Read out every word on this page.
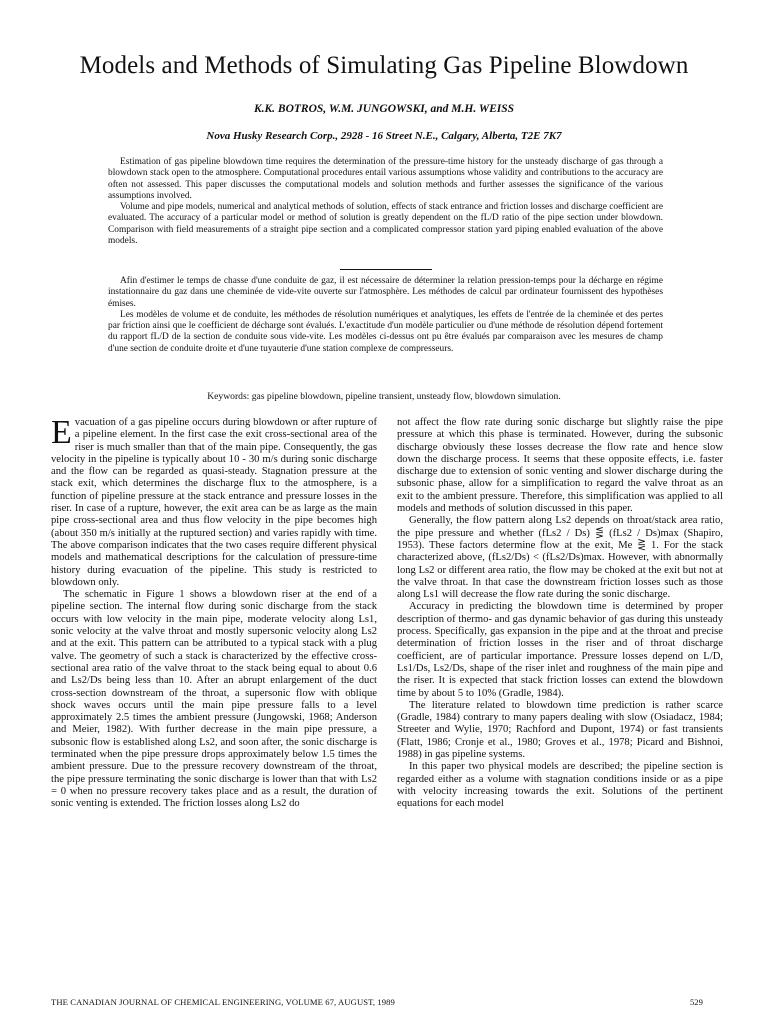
Models and Methods of Simulating Gas Pipeline Blowdown
K.K. BOTROS, W.M. JUNGOWSKI, and M.H. WEISS
Nova Husky Research Corp., 2928 - 16 Street N.E., Calgary, Alberta, T2E 7K7

Estimation of gas pipeline blowdown time requires the determination of the pressure-time history for the unsteady discharge of gas through a blowdown stack open to the atmosphere. Computational procedures entail various assumptions whose validity and contributions to the accuracy are often not assessed. This paper discusses the computational models and solution methods and further assesses the significance of the various assumptions involved.

Volume and pipe models, numerical and analytical methods of solution, effects of stack entrance and friction losses and discharge coefficient are evaluated. The accuracy of a particular model or method of solution is greatly dependent on the fL/D ratio of the pipe section under blowdown. Comparison with field measurements of a straight pipe section and a complicated compressor station yard piping enabled evaluation of the above models.

Afin d'estimer le temps de chasse d'une conduite de gaz, il est nécessaire de déterminer la relation pression-temps pour la décharge en régime instationnaire du gaz dans une cheminée de vide-vite ouverte sur l'atmosphère. Les méthodes de calcul par ordinateur fournissent des hypothèses émises.

Les modèles de volume et de conduite, les méthodes de résolution numériques et analytiques, les effets de l'entrée de la cheminée et des pertes par friction ainsi que le coefficient de décharge sont évalués. L'exactitude d'un modèle particulier ou d'une méthode de résolution dépend fortement du rapport fL/D de la section de conduite sous vide-vite. Les modèles ci-dessus ont pu être évalués par comparaison avec les mesures de champ d'une section de conduite droite et d'une tuyauterie d'une station complexe de compresseurs.

Keywords: gas pipeline blowdown, pipeline transient, unsteady flow, blowdown simulation.

Evacuation of a gas pipeline occurs during blowdown or after rupture of a pipeline element. In the first case the exit cross-sectional area of the riser is much smaller than that of the main pipe. Consequently, the gas velocity in the pipeline is typically about 10 - 30 m/s during sonic discharge and the flow can be regarded as quasi-steady. Stagnation pressure at the stack exit, which determines the discharge flux to the atmosphere, is a function of pipeline pressure at the stack entrance and pressure losses in the riser. In case of a rupture, however, the exit area can be as large as the main pipe cross-sectional area and thus flow velocity in the pipe becomes high (about 350 m/s initially at the ruptured section) and varies rapidly with time. The above comparison indicates that the two cases require different physical models and mathematical descriptions for the calculation of pressure-time history during evacuation of the pipeline. This study is restricted to blowdown only.

The schematic in Figure 1 shows a blowdown riser at the end of a pipeline section. The internal flow during sonic discharge from the stack occurs with low velocity in the main pipe, moderate velocity along Ls1, sonic velocity at the valve throat and mostly supersonic velocity along Ls2 and at the exit. This pattern can be attributed to a typical stack with a plug valve. The geometry of such a stack is characterized by the effective cross-sectional area ratio of the valve throat to the stack being equal to about 0.6 and Ls2/Ds being less than 10. After an abrupt enlargement of the duct cross-section downstream of the throat, a supersonic flow with oblique shock waves occurs until the main pipe pressure falls to a level approximately 2.5 times the ambient pressure (Jungowski, 1968; Anderson and Meier, 1982). With further decrease in the main pipe pressure, a subsonic flow is established along Ls2, and soon after, the sonic discharge is terminated when the pipe pressure drops approximately below 1.5 times the ambient pressure. Due to the pressure recovery downstream of the throat, the pipe pressure terminating the sonic discharge is lower than that with Ls2 = 0 when no pressure recovery takes place and as a result, the duration of sonic venting is extended. The friction losses along Ls2 do

not affect the flow rate during sonic discharge but slightly raise the pipe pressure at which this phase is terminated. However, during the subsonic discharge obviously these losses decrease the flow rate and hence slow down the discharge process. It seems that these opposite effects, i.e. faster discharge due to extension of sonic venting and slower discharge during the subsonic phase, allow for a simplification to regard the valve throat as an exit to the ambient pressure. Therefore, this simplification was applied to all models and methods of solution discussed in this paper.

Generally, the flow pattern along Ls2 depends on throat/stack area ratio, the pipe pressure and whether (fLs2 / Ds) ⋚ (fLs2 / Ds)max (Shapiro, 1953). These factors determine flow at the exit, Me ⋛ 1. For the stack characterized above, (fLs2/Ds) < (fLs2/Ds)max. However, with abnormally long Ls2 or different area ratio, the flow may be choked at the exit but not at the valve throat. In that case the downstream friction losses such as those along Ls1 will decrease the flow rate during the sonic discharge.

Accuracy in predicting the blowdown time is determined by proper description of thermo- and gas dynamic behavior of gas during this unsteady process. Specifically, gas expansion in the pipe and at the throat and precise determination of friction losses in the riser and of throat discharge coefficient, are of particular importance. Pressure losses depend on L/D, Ls1/Ds, Ls2/Ds, shape of the riser inlet and roughness of the main pipe and the riser. It is expected that stack friction losses can extend the blowdown time by about 5 to 10% (Gradle, 1984).

The literature related to blowdown time prediction is rather scarce (Gradle, 1984) contrary to many papers dealing with slow (Osiadacz, 1984; Streeter and Wylie, 1970; Rachford and Dupont, 1974) or fast transients (Flatt, 1986; Cronje et al., 1980; Groves et al., 1978; Picard and Bishnoi, 1988) in gas pipeline systems.

In this paper two physical models are described; the pipeline section is regarded either as a volume with stagnation conditions inside or as a pipe with velocity increasing towards the exit. Solutions of the pertinent equations for each model

THE CANADIAN JOURNAL OF CHEMICAL ENGINEERING, VOLUME 67, AUGUST, 1989	529
